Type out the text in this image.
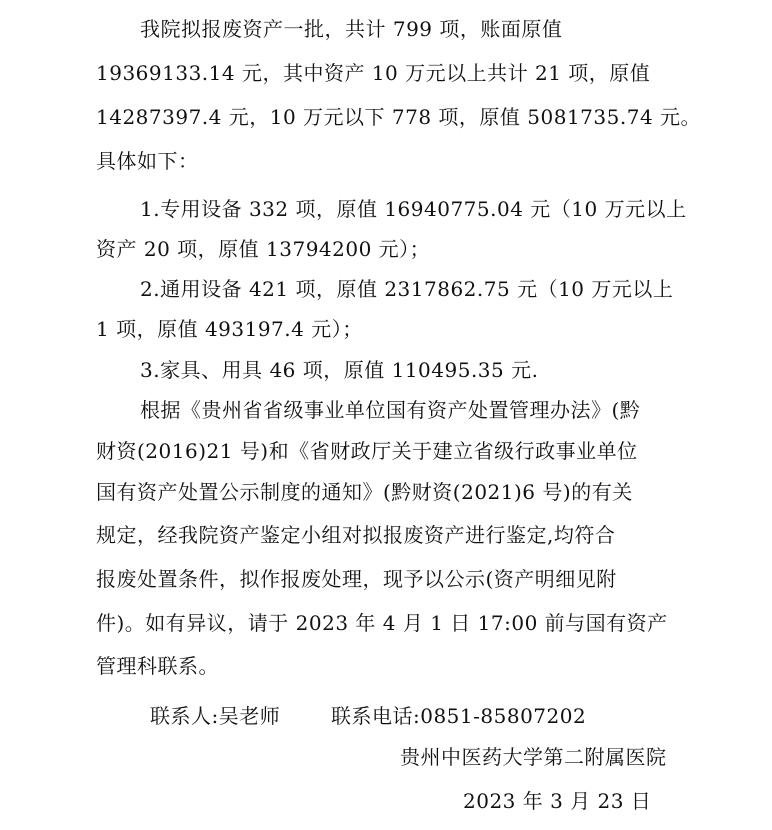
我院拟报废资产一批，共计 799 项，账面原值
19369133.14 元，其中资产 10 万元以上共计 21 项，原值
14287397.4 元，10 万元以下 778 项，原值 5081735.74 元。
具体如下：
1.专用设备 332 项，原值 16940775.04 元（10 万元以上
资产 20 项，原值 13794200 元）；
2.通用设备 421 项，原值 2317862.75 元（10 万元以上
1 项，原值 493197.4 元）；
3.家具、用具 46 项，原值 110495.35 元.
根据《贵州省省级事业单位国有资产处置管理办法》(黔
财资(2016)21 号)和《省财政厅关于建立省级行政事业单位
国有资产处置公示制度的通知》(黔财资(2021)6 号)的有关
规定，经我院资产鉴定小组对拟报废资产进行鉴定,均符合
报废处置条件，拟作报废处理，现予以公示(资产明细见附
件)。如有异议，请于 2023 年 4 月 1 日 17:00 前与国有资产
管理科联系。
联系人:吴老师	联系电话:0851-85807202
贵州中医药大学第二附属医院
2023 年 3 月 23 日
